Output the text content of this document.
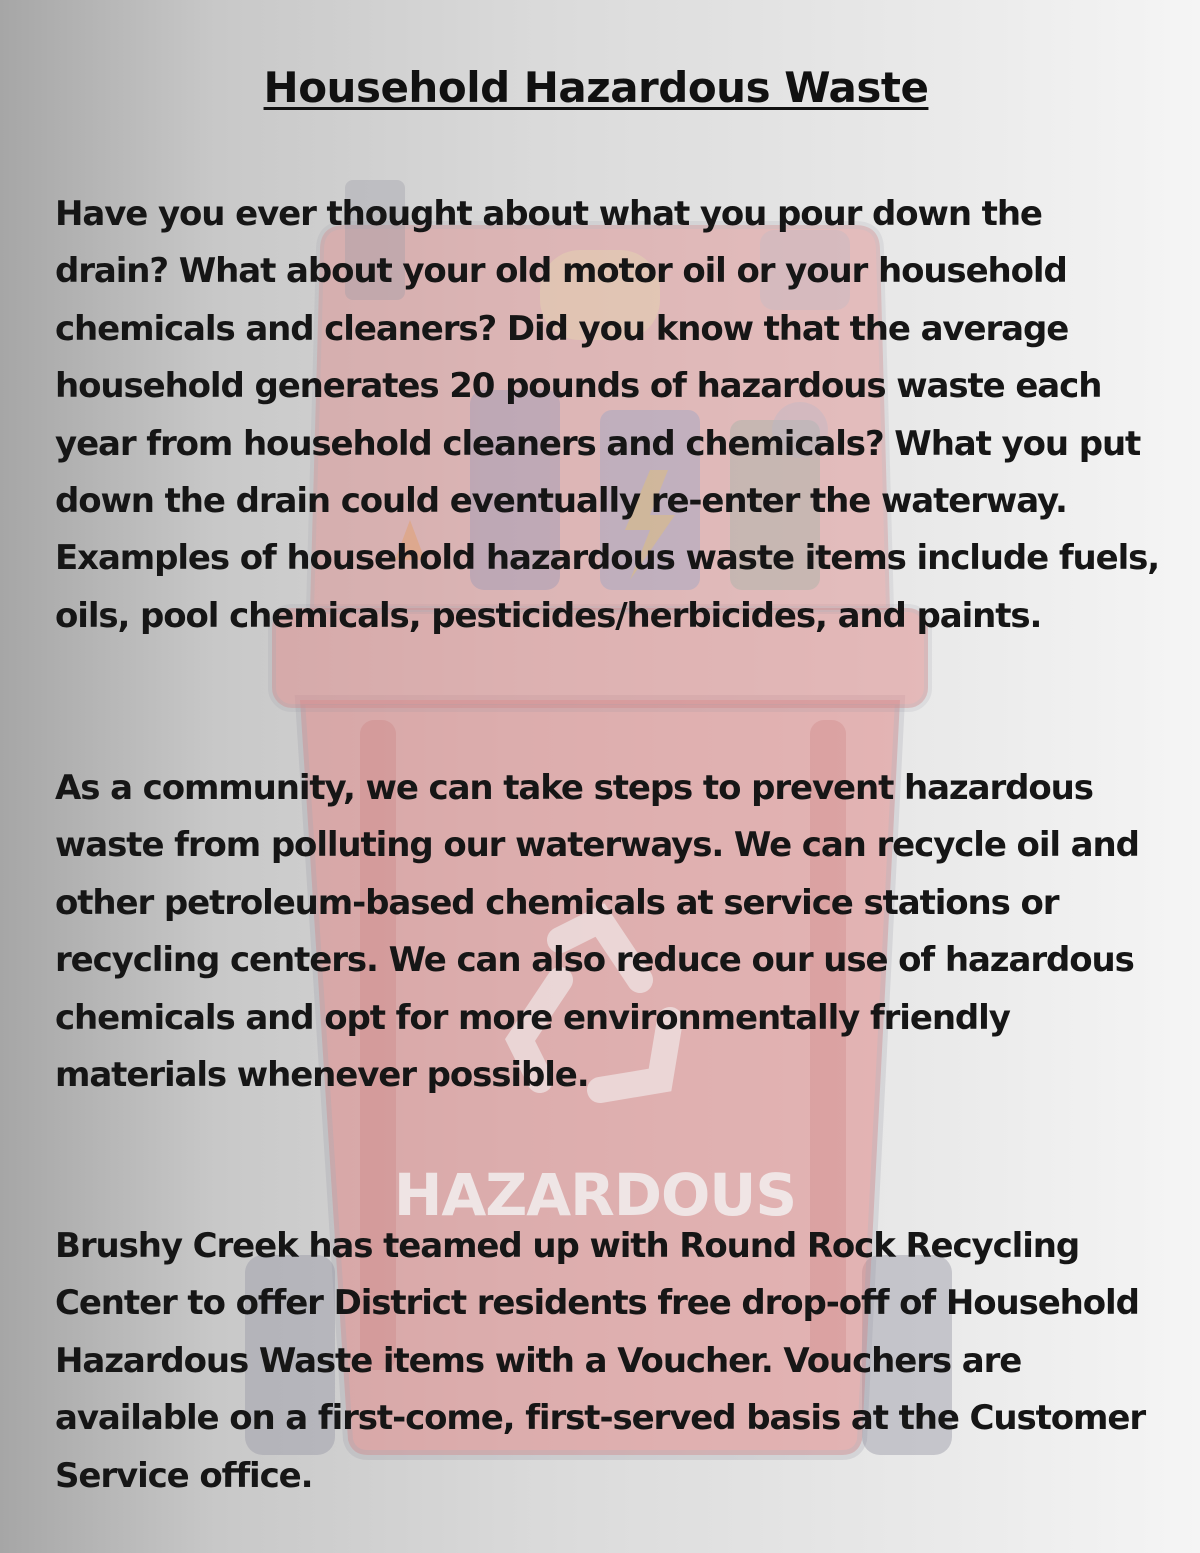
HAZARDOUS
Household Hazardous Waste

Have you ever thought about what you pour down the drain? What about your old motor oil or your household chemicals and cleaners? Did you know that the average household generates 20 pounds of hazardous waste each year from household cleaners and chemicals? What you put down the drain could eventually re-enter the waterway. Examples of household hazardous waste items include fuels, oils, pool chemicals, pesticides/herbicides, and paints.

As a community, we can take steps to prevent hazardous waste from polluting our waterways. We can recycle oil and other petroleum-based chemicals at service stations or recycling centers. We can also reduce our use of hazardous chemicals and opt for more environmentally friendly materials whenever possible.

Brushy Creek has teamed up with Round Rock Recycling Center to offer District residents free drop-off of Household Hazardous Waste items with a Voucher. Vouchers are available on a first-come, first-served basis at the Customer Service office.
